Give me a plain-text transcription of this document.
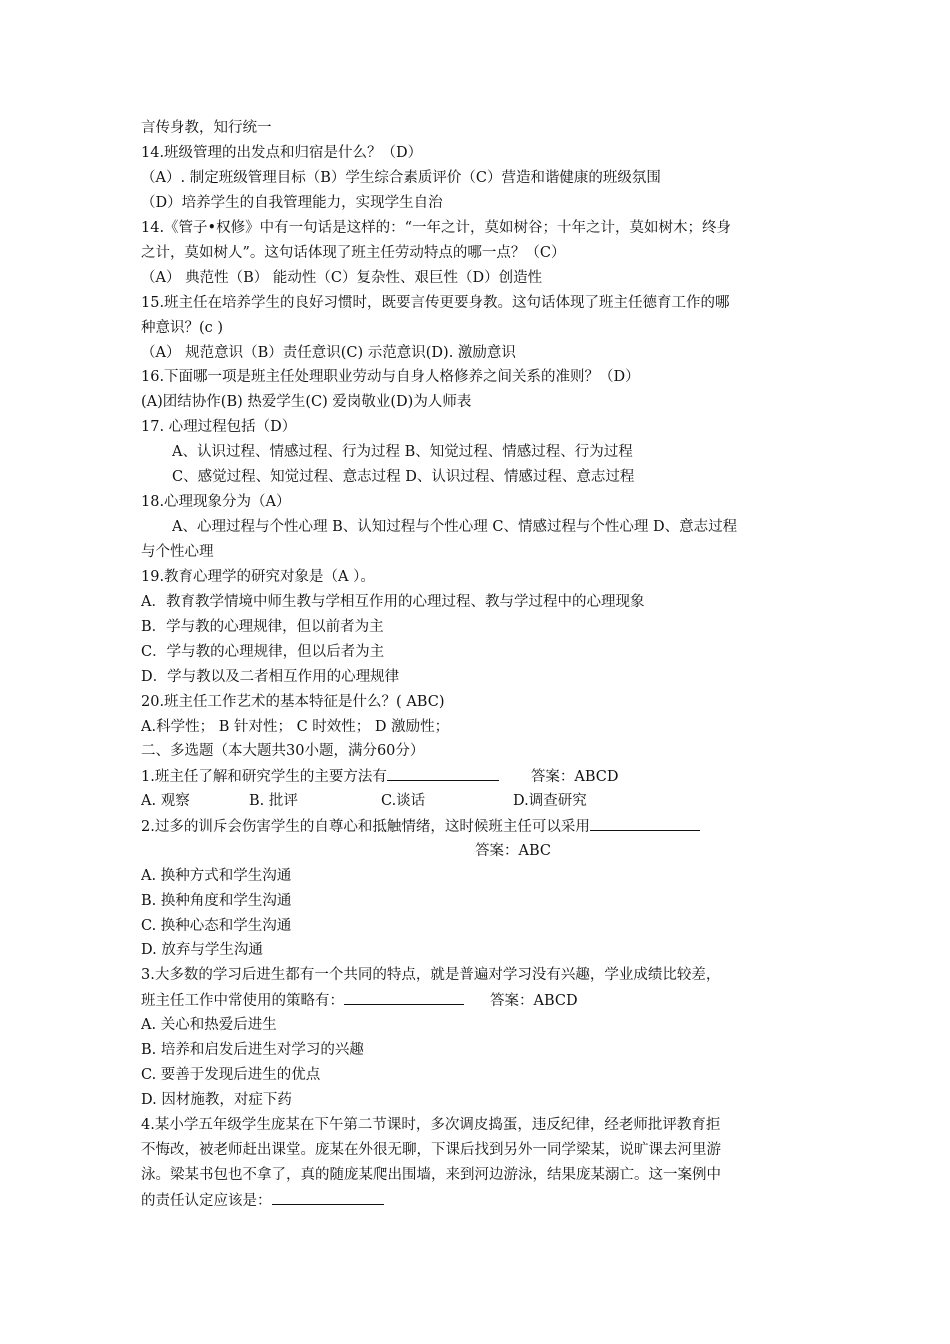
言传身教，知行统一
14.班级管理的出发点和归宿是什么？（D）
（A）. 制定班级管理目标（B）学生综合素质评价（C）营造和谐健康的班级氛围
（D）培养学生的自我管理能力，实现学生自治
14.《管子•权修》中有一句话是这样的：“一年之计，莫如树谷；十年之计，莫如树木；终身
之计，莫如树人”。这句话体现了班主任劳动特点的哪一点？（C）
（A） 典范性（B） 能动性（C）复杂性、艰巨性（D）创造性
15.班主任在培养学生的良好习惯时，既要言传更要身教。这句话体现了班主任德育工作的哪
种意识？(c )
（A） 规范意识（B）责任意识(C) 示范意识(D). 激励意识
16.下面哪一项是班主任处理职业劳动与自身人格修养之间关系的准则？（D）
(A)团结协作(B) 热爱学生(C) 爱岗敬业(D)为人师表
17. 心理过程包括（D）
A、认识过程、情感过程、行为过程 B、知觉过程、情感过程、行为过程
C、感觉过程、知觉过程、意志过程 D、认识过程、情感过程、意志过程
18.心理现象分为（A）
A、心理过程与个性心理 B、认知过程与个性心理 C、情感过程与个性心理 D、意志过程
与个性心理
19.教育心理学的研究对象是（A ）。
A．教育教学情境中师生教与学相互作用的心理过程、教与学过程中的心理现象
B．学与教的心理规律，但以前者为主
C．学与教的心理规律，但以后者为主
D．学与教以及二者相互作用的心理规律
20.班主任工作艺术的基本特征是什么？( ABC)
A.科学性； B 针对性； C 时效性； D 激励性；
二、多选题（本大题共30小题，满分60分）
1.班主任了解和研究学生的主要方法有	答案：ABCD
A. 观察	B. 批评	C.谈话	D.调查研究
2.过多的训斥会伤害学生的自尊心和抵触情绪，这时候班主任可以采用
答案：ABC
A. 换种方式和学生沟通
B. 换种角度和学生沟通
C. 换种心态和学生沟通
D. 放弃与学生沟通
3.大多数的学习后进生都有一个共同的特点，就是普遍对学习没有兴趣，学业成绩比较差，
班主任工作中常使用的策略有：	答案：ABCD
A. 关心和热爱后进生
B. 培养和启发后进生对学习的兴趣
C. 要善于发现后进生的优点
D. 因材施教，对症下药
4.某小学五年级学生庞某在下午第二节课时，多次调皮捣蛋，违反纪律，经老师批评教育拒
不悔改，被老师赶出课堂。庞某在外很无聊，下课后找到另外一同学梁某，说旷课去河里游
泳。梁某书包也不拿了，真的随庞某爬出围墙，来到河边游泳，结果庞某溺亡。这一案例中
的责任认定应该是：
